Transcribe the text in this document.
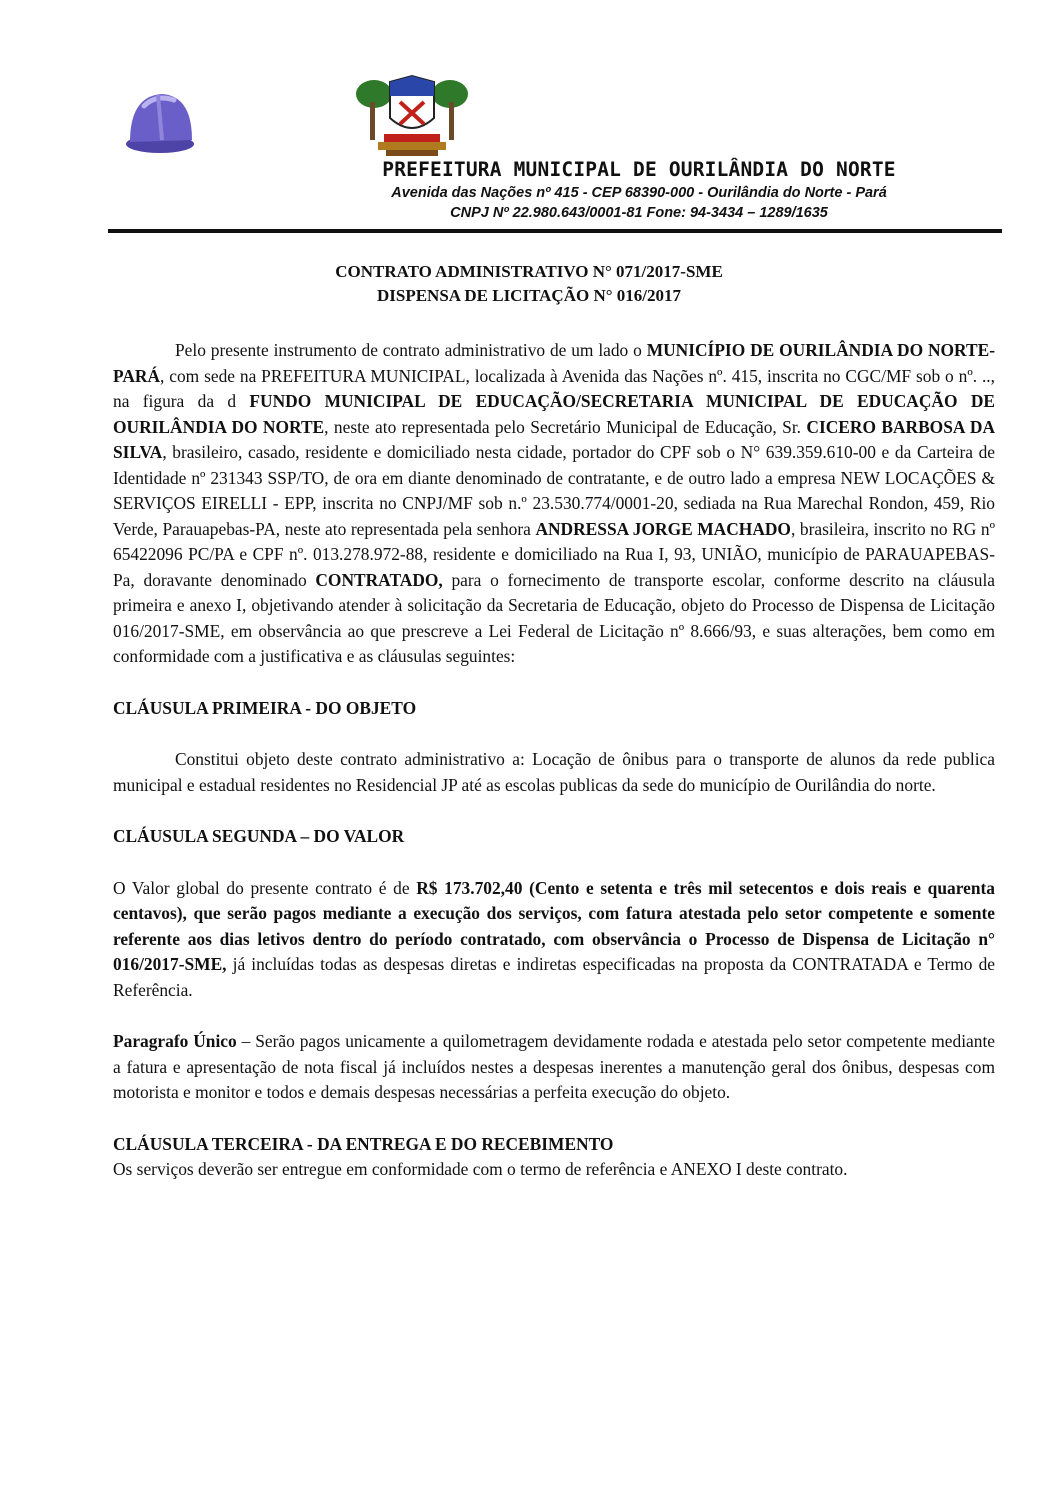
PREFEITURA MUNICIPAL DE OURILÂNDIA DO NORTE
Avenida das Nações nº 415 - CEP 68390-000 - Ourilândia do Norte - Pará
CNPJ Nº 22.980.643/0001-81 Fone: 94-3434 – 1289/1635
CONTRATO ADMINISTRATIVO N° 071/2017-SME
DISPENSA DE LICITAÇÃO N° 016/2017

Pelo presente instrumento de contrato administrativo de um lado o MUNICÍPIO DE OURILÂNDIA DO NORTE-PARÁ, com sede na PREFEITURA MUNICIPAL, localizada à Avenida das Nações nº. 415, inscrita no CGC/MF sob o nº. .., na figura da d FUNDO MUNICIPAL DE EDUCAÇÃO/SECRETARIA MUNICIPAL DE EDUCAÇÃO DE OURILÂNDIA DO NORTE, neste ato representada pelo Secretário Municipal de Educação, Sr. CICERO BARBOSA DA SILVA, brasileiro, casado, residente e domiciliado nesta cidade, portador do CPF sob o N° 639.359.610-00 e da Carteira de Identidade nº 231343 SSP/TO, de ora em diante denominado de contratante, e de outro lado a empresa NEW LOCAÇÕES & SERVIÇOS EIRELLI - EPP, inscrita no CNPJ/MF sob n.º 23.530.774/0001-20, sediada na Rua Marechal Rondon, 459, Rio Verde, Parauapebas-PA, neste ato representada pela senhora ANDRESSA JORGE MACHADO, brasileira, inscrito no RG nº 65422096 PC/PA e CPF nº. 013.278.972-88, residente e domiciliado na Rua I, 93, UNIÃO, município de PARAUAPEBAS-Pa, doravante denominado CONTRATADO, para o fornecimento de transporte escolar, conforme descrito na cláusula primeira e anexo I, objetivando atender à solicitação da Secretaria de Educação, objeto do Processo de Dispensa de Licitação 016/2017-SME, em observância ao que prescreve a Lei Federal de Licitação nº 8.666/93, e suas alterações, bem como em conformidade com a justificativa e as cláusulas seguintes:

CLÁUSULA PRIMEIRA - DO OBJETO

Constitui objeto deste contrato administrativo a: Locação de ônibus para o transporte de alunos da rede publica municipal e estadual residentes no Residencial JP até as escolas publicas da sede do município de Ourilândia do norte.

CLÁUSULA SEGUNDA – DO VALOR

O Valor global do presente contrato é de R$ 173.702,40 (Cento e setenta e três mil setecentos e dois reais e quarenta centavos), que serão pagos mediante a execução dos serviços, com fatura atestada pelo setor competente e somente referente aos dias letivos dentro do período contratado, com observância o Processo de Dispensa de Licitação n° 016/2017-SME, já incluídas todas as despesas diretas e indiretas especificadas na proposta da CONTRATADA e Termo de Referência.

Paragrafo Único – Serão pagos unicamente a quilometragem devidamente rodada e atestada pelo setor competente mediante a fatura e apresentação de nota fiscal já incluídos nestes a despesas inerentes a manutenção geral dos ônibus, despesas com motorista e monitor e todos e demais despesas necessárias a perfeita execução do objeto.

CLÁUSULA TERCEIRA - DA ENTREGA E DO RECEBIMENTO

Os serviços deverão ser entregue em conformidade com o termo de referência e ANEXO I deste contrato.
